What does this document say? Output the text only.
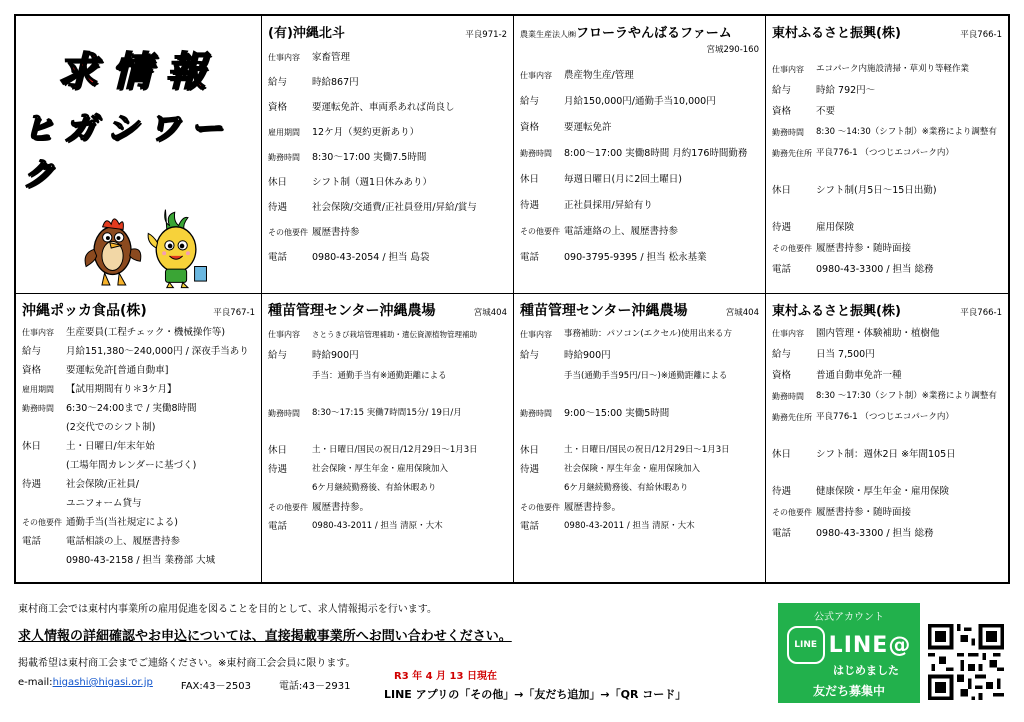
求情報
ヒガシワーク
(有)沖縄北斗	平良971-2
仕事内容	家畜管理
給与	時給867円
資格	要運転免許、車両系あれば尚良し
雇用期間	12ケ月（契約更新あり）
勤務時間	8:30～17:00 実働7.5時間
休日	シフト制（週1日休みあり）
待遇	社会保険/交通費/正社員登用/昇給/賞与
その他要件 履歴書持参
電話	0980-43-2054 / 担当 島袋
農業生産法人㈱フローラやんばるファーム
宮城290-160
仕事内容	農産物生産/管理
給与	月給150,000円/通勤手当10,000円
資格	要運転免許
勤務時間	8:00～17:00 実働8時間 月約176時間勤務
休日	毎週日曜日(月に2回土曜日)
待遇	正社員採用/昇給有り
その他要件 電話連絡の上、履歴書持参
電話	090-3795-9395 / 担当 松永基業
東村ふるさと振興(株)	平良766-1
仕事内容	エコパーク内施設清掃・草刈り等軽作業
給与	時給 792円～
資格	不要
勤務時間	8:30 ～14:30（シフト制）※業務により調整有
勤務先住所 平良776-1 （つつじエコパーク内）
休日	シフト制(月5日～15日出勤)
待遇	雇用保険
その他要件 履歴書持参・随時面接
電話	0980-43-3300 / 担当 総務
沖縄ポッカ食品(株)	平良767-1
仕事内容	生産要員(工程チェック・機械操作等)
給与	月給151,380～240,000円 / 深夜手当あり
資格	要運転免許[普通自動車]
雇用期間	【試用期間有り＊3ケ月】
勤務時間	6:30～24:00まで / 実働8時間
(2交代でのシフト制)
休日	土・日曜日/年末年始
(工場年間カレンダーに基づく)
待遇	社会保険/正社員/
ユニフォーム貸与
その他要件 通勤手当(当社規定による)
電話	電話相談の上、履歴書持参
0980-43-2158 / 担当 業務部 大城
種苗管理センター沖縄農場	宮城404
仕事内容	さとうきび栽培管理補助・遺伝資源植物管理補助
給与	時給900円
手当：通勤手当有※通勤距離による
勤務時間	8:30～17:15 実働7時間15分/ 19日/月
休日	土・日曜日/国民の祝日/12月29日～1月3日
待遇	社会保険・厚生年金・雇用保険加入
6ケ月継続勤務後、有給休暇あり
その他要件 履歴書持参。
電話	0980-43-2011 / 担当 清原・大木
種苗管理センター沖縄農場	宮城404
仕事内容	事務補助：パソコン(エクセル)使用出来る方
給与	時給900円
手当(通勤手当95円/日～)※通勤距離による
勤務時間	9:00～15:00 実働5時間
休日	土・日曜日/国民の祝日/12月29日～1月3日
待遇	社会保険・厚生年金・雇用保険加入
6ケ月継続勤務後、有給休暇あり
その他要件 履歴書持参。
電話	0980-43-2011 / 担当 清原・大木
東村ふるさと振興(株)	平良766-1
仕事内容	園内管理・体験補助・植樹他
給与	日当 7,500円
資格	普通自動車免許一種
勤務時間	8:30 ～17:30（シフト制）※業務により調整有
勤務先住所 平良776-1 （つつじエコパーク内）
休日	シフト制：週休2日 ※年間105日
待遇	健康保険・厚生年金・雇用保険
その他要件 履歴書持参・随時面接
電話	0980-43-3300 / 担当 総務
東村商工会では東村内事業所の雇用促進を図ることを目的として、求人情報掲示を行います。
求人情報の詳細確認やお申込については、直接掲載事業所へお問い合わせください。
掲載希望は東村商工会までご連絡ください。※東村商工会会員に限ります。
e-mail:higashi@higasi.or.jp	FAX:43－2503	電話:43－2931
R3 年 4 月 13 日現在
LINE アプリの「その他」→「友だち追加」→「QR コード」
公式アカウント
LINE LINE@
はじめました
友だち募集中
